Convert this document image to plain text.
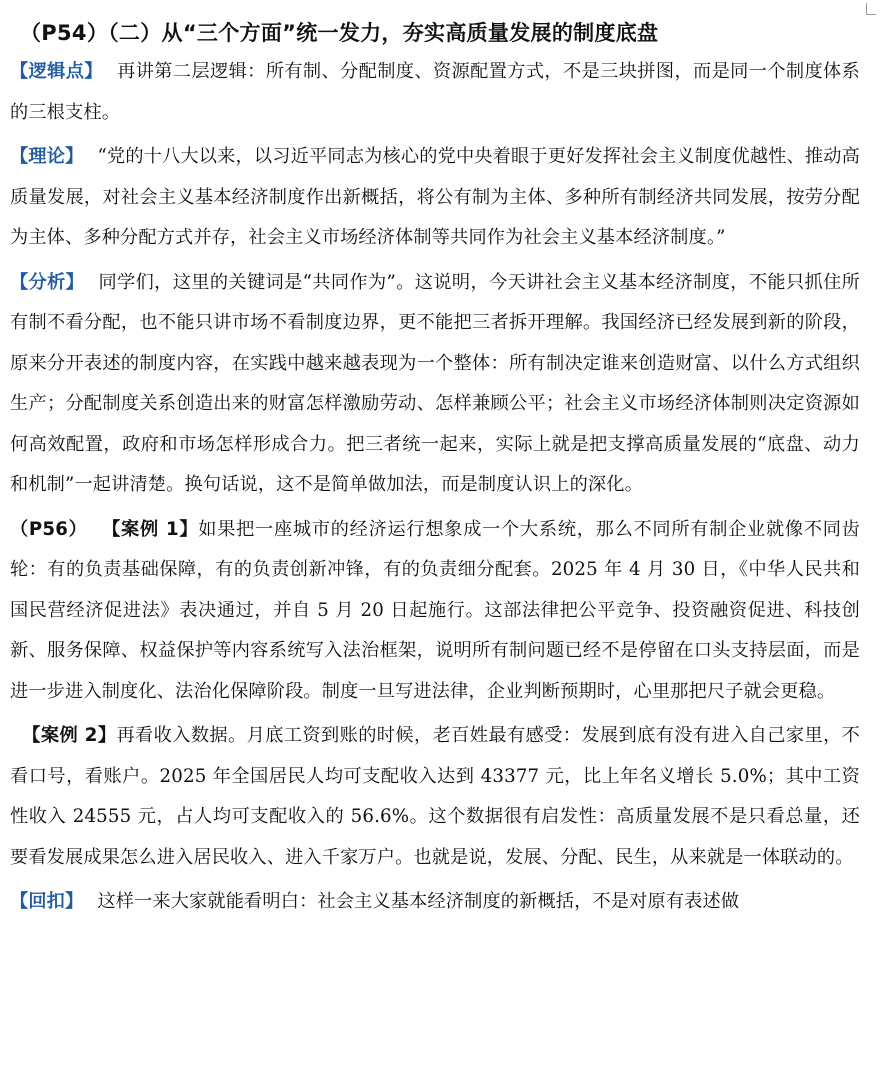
（P54）（二）从“三个方面”统一发力，夯实高质量发展的制度底盘

【逻辑点】 再讲第二层逻辑：所有制、分配制度、资源配置方式，不是三块拼图，而是同一个制度体系的三根支柱。

【理论】 “党的十八大以来，以习近平同志为核心的党中央着眼于更好发挥社会主义制度优越性、推动高质量发展，对社会主义基本经济制度作出新概括，将公有制为主体、多种所有制经济共同发展，按劳分配为主体、多种分配方式并存，社会主义市场经济体制等共同作为社会主义基本经济制度。”

【分析】 同学们，这里的关键词是“共同作为”。这说明，今天讲社会主义基本经济制度，不能只抓住所有制不看分配，也不能只讲市场不看制度边界，更不能把三者拆开理解。我国经济已经发展到新的阶段，原来分开表述的制度内容，在实践中越来越表现为一个整体：所有制决定谁来创造财富、以什么方式组织生产；分配制度关系创造出来的财富怎样激励劳动、怎样兼顾公平；社会主义市场经济体制则决定资源如何高效配置，政府和市场怎样形成合力。把三者统一起来，实际上就是把支撑高质量发展的“底盘、动力和机制”一起讲清楚。换句话说，这不是简单做加法，而是制度认识上的深化。

（P56） 【案例 1】如果把一座城市的经济运行想象成一个大系统，那么不同所有制企业就像不同齿轮：有的负责基础保障，有的负责创新冲锋，有的负责细分配套。2025 年 4 月 30 日，《中华人民共和国民营经济促进法》表决通过，并自 5 月 20 日起施行。这部法律把公平竞争、投资融资促进、科技创新、服务保障、权益保护等内容系统写入法治框架，说明所有制问题已经不是停留在口头支持层面，而是进一步进入制度化、法治化保障阶段。制度一旦写进法律，企业判断预期时，心里那把尺子就会更稳。

【案例 2】再看收入数据。月底工资到账的时候，老百姓最有感受：发展到底有没有进入自己家里，不看口号，看账户。2025 年全国居民人均可支配收入达到 43377 元，比上年名义增长 5.0%；其中工资性收入 24555 元，占人均可支配收入的 56.6%。这个数据很有启发性：高质量发展不是只看总量，还要看发展成果怎么进入居民收入、进入千家万户。也就是说，发展、分配、民生，从来就是一体联动的。

【回扣】 这样一来大家就能看明白：社会主义基本经济制度的新概括，不是对原有表述做
